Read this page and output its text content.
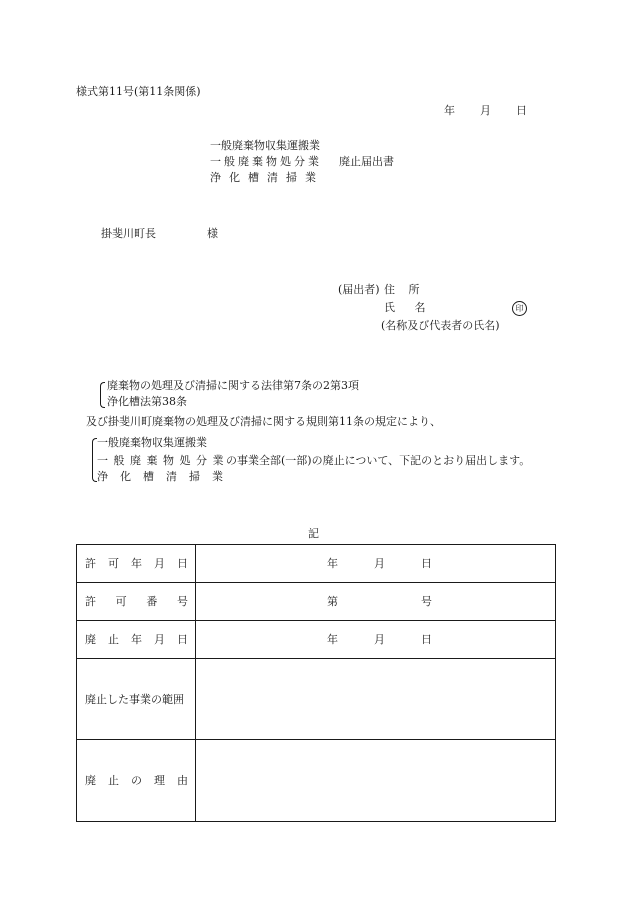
様式第11号(第11条関係)
年 月 日
一般廃棄物収集運搬業
一般廃棄物処分業 廃止届出書
浄化槽清掃業
掛斐川町長	様
(届出者) 住 所
氏 名	印
(名称及び代表者の氏名)
廃棄物の処理及び清掃に関する法律第7条の2第3項
浄化槽法第38条
及び掛斐川町廃棄物の処理及び清掃に関する規則第11条の規定により、
一般廃棄物収集運搬業
一般廃棄物処分業
の事業全部(一部)の廃止について、下記のとおり届出します。
浄化槽清掃業
記
許 可 年 月 日	年 月 日

許 可 番 号	第 号

廃 止 年 月 日	年 月 日

廃止した事業の範囲	

廃 止 の 理 由	
